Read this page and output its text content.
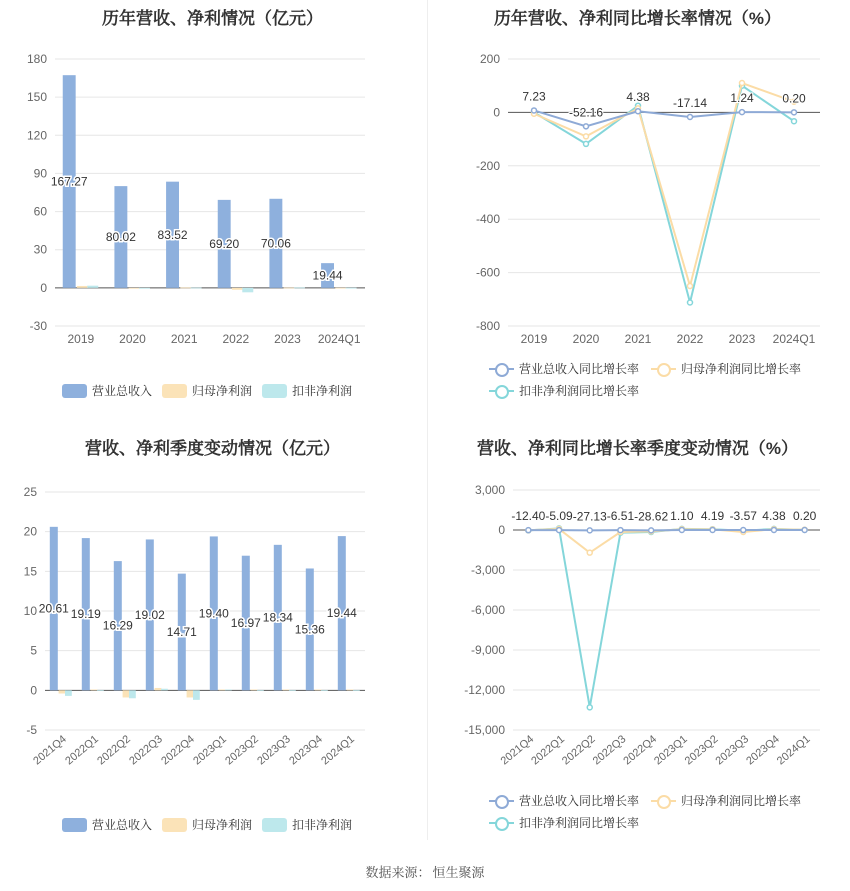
历年营收、净利情况（亿元）
-30
0
30
60
90
120
150
180
2019 2020 2021 2022 2023 2024Q1
167.27
80.02 83.52
69.20 70.06
19.44
营业总收入	归母净利润	扣非净利润
历年营收、净利同比增长率情况（%）
-800
-600
-400
-200
0
200
2019 2020 2021 2022 2023 2024Q1
7.23
-52.16
4.38 -17.14 1.24 0.20
营业总收入同比增长率	归母净利润同比增长率
扣非净利润同比增长率
营收、净利季度变动情况（亿元）
-5
0
5
10
15
20
25
2021Q4
2022Q1
2022Q2
2022Q3
2022Q4
2023Q1
2023Q2
2023Q3
2023Q4
2024Q1
20.61 19.19
16.29
19.02
14.71
19.40
16.97 18.34
15.36
19.44
营业总收入	归母净利润	扣非净利润
营收、净利同比增长率季度变动情况（%）
-15,000
-12,000
-9,000
-6,000
-3,000
0
3,000
2021Q4
2022Q1
2022Q2
2022Q3
2022Q4
2023Q1
2023Q2
2023Q3
2023Q4
2024Q1
-12.40 -5.09 -27.13 -6.51 -28.62 1.10 4.19 -3.57 4.38 0.20
营业总收入同比增长率	归母净利润同比增长率
扣非净利润同比增长率
数据来源： 恒生聚源
